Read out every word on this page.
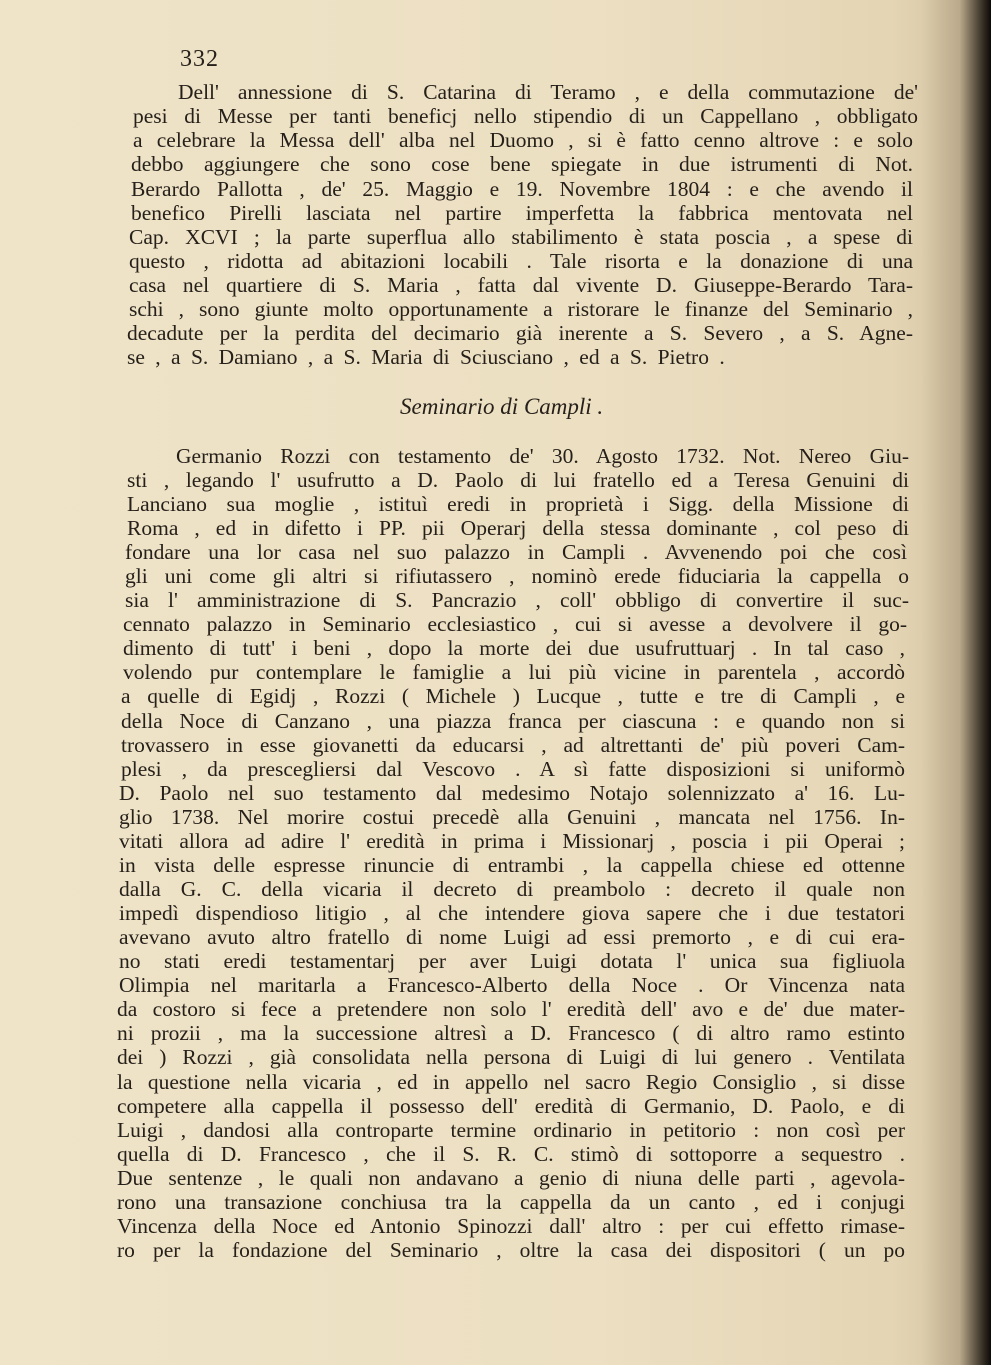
332
Dell' annessione di S. Catarina di Teramo , e della commutazione de'
pesi di Messe per tanti beneficj nello stipendio di un Cappellano , obbligato
a celebrare la Messa dell' alba nel Duomo , si è fatto cenno altrove : e solo
debbo aggiungere che sono cose bene spiegate in due istrumenti di Not.
Berardo Pallotta , de' 25. Maggio e 19. Novembre 1804 : e che avendo il
benefico Pirelli lasciata nel partire imperfetta la fabbrica mentovata nel
Cap. XCVI ; la parte superflua allo stabilimento è stata poscia , a spese di
questo , ridotta ad abitazioni locabili . Tale risorta e la donazione di una
casa nel quartiere di S. Maria , fatta dal vivente D. Giuseppe-Berardo Tara-
schi , sono giunte molto opportunamente a ristorare le finanze del Seminario ,
decadute per la perdita del decimario già inerente a S. Severo , a S. Agne-
se , a S. Damiano , a S. Maria di Sciusciano , ed a S. Pietro .
Seminario di Campli .
Germanio Rozzi con testamento de' 30. Agosto 1732. Not. Nereo Giu-
sti , legando l' usufrutto a D. Paolo di lui fratello ed a Teresa Genuini di
Lanciano sua moglie , istituì eredi in proprietà i Sigg. della Missione di
Roma , ed in difetto i PP. pii Operarj della stessa dominante , col peso di
fondare una lor casa nel suo palazzo in Campli . Avvenendo poi che così
gli uni come gli altri si rifiutassero , nominò erede fiduciaria la cappella o
sia l' amministrazione di S. Pancrazio , coll' obbligo di convertire il suc-
cennato palazzo in Seminario ecclesiastico , cui si avesse a devolvere il go-
dimento di tutt' i beni , dopo la morte dei due usufruttuarj . In tal caso ,
volendo pur contemplare le famiglie a lui più vicine in parentela , accordò
a quelle di Egidj , Rozzi ( Michele ) Lucque , tutte e tre di Campli , e
della Noce di Canzano , una piazza franca per ciascuna : e quando non si
trovassero in esse giovanetti da educarsi , ad altrettanti de' più poveri Cam-
plesi , da prescegliersi dal Vescovo . A sì fatte disposizioni si uniformò
D. Paolo nel suo testamento dal medesimo Notajo solennizzato a' 16. Lu-
glio 1738. Nel morire costui precedè alla Genuini , mancata nel 1756. In-
vitati allora ad adire l' eredità in prima i Missionarj , poscia i pii Operai ;
in vista delle espresse rinuncie di entrambi , la cappella chiese ed ottenne
dalla G. C. della vicaria il decreto di preambolo : decreto il quale non
impedì dispendioso litigio , al che intendere giova sapere che i due testatori
avevano avuto altro fratello di nome Luigi ad essi premorto , e di cui era-
no stati eredi testamentarj per aver Luigi dotata l' unica sua figliuola
Olimpia nel maritarla a Francesco-Alberto della Noce . Or Vincenza nata
da costoro si fece a pretendere non solo l' eredità dell' avo e de' due mater-
ni prozii , ma la successione altresì a D. Francesco ( di altro ramo estinto
dei ) Rozzi , già consolidata nella persona di Luigi di lui genero . Ventilata
la questione nella vicaria , ed in appello nel sacro Regio Consiglio , si disse
competere alla cappella il possesso dell' eredità di Germanio, D. Paolo, e di
Luigi , dandosi alla controparte termine ordinario in petitorio : non così per
quella di D. Francesco , che il S. R. C. stimò di sottoporre a sequestro .
Due sentenze , le quali non andavano a genio di niuna delle parti , agevola-
rono una transazione conchiusa tra la cappella da un canto , ed i conjugi
Vincenza della Noce ed Antonio Spinozzi dall' altro : per cui effetto rimase-
ro per la fondazione del Seminario , oltre la casa dei dispositori ( un po
